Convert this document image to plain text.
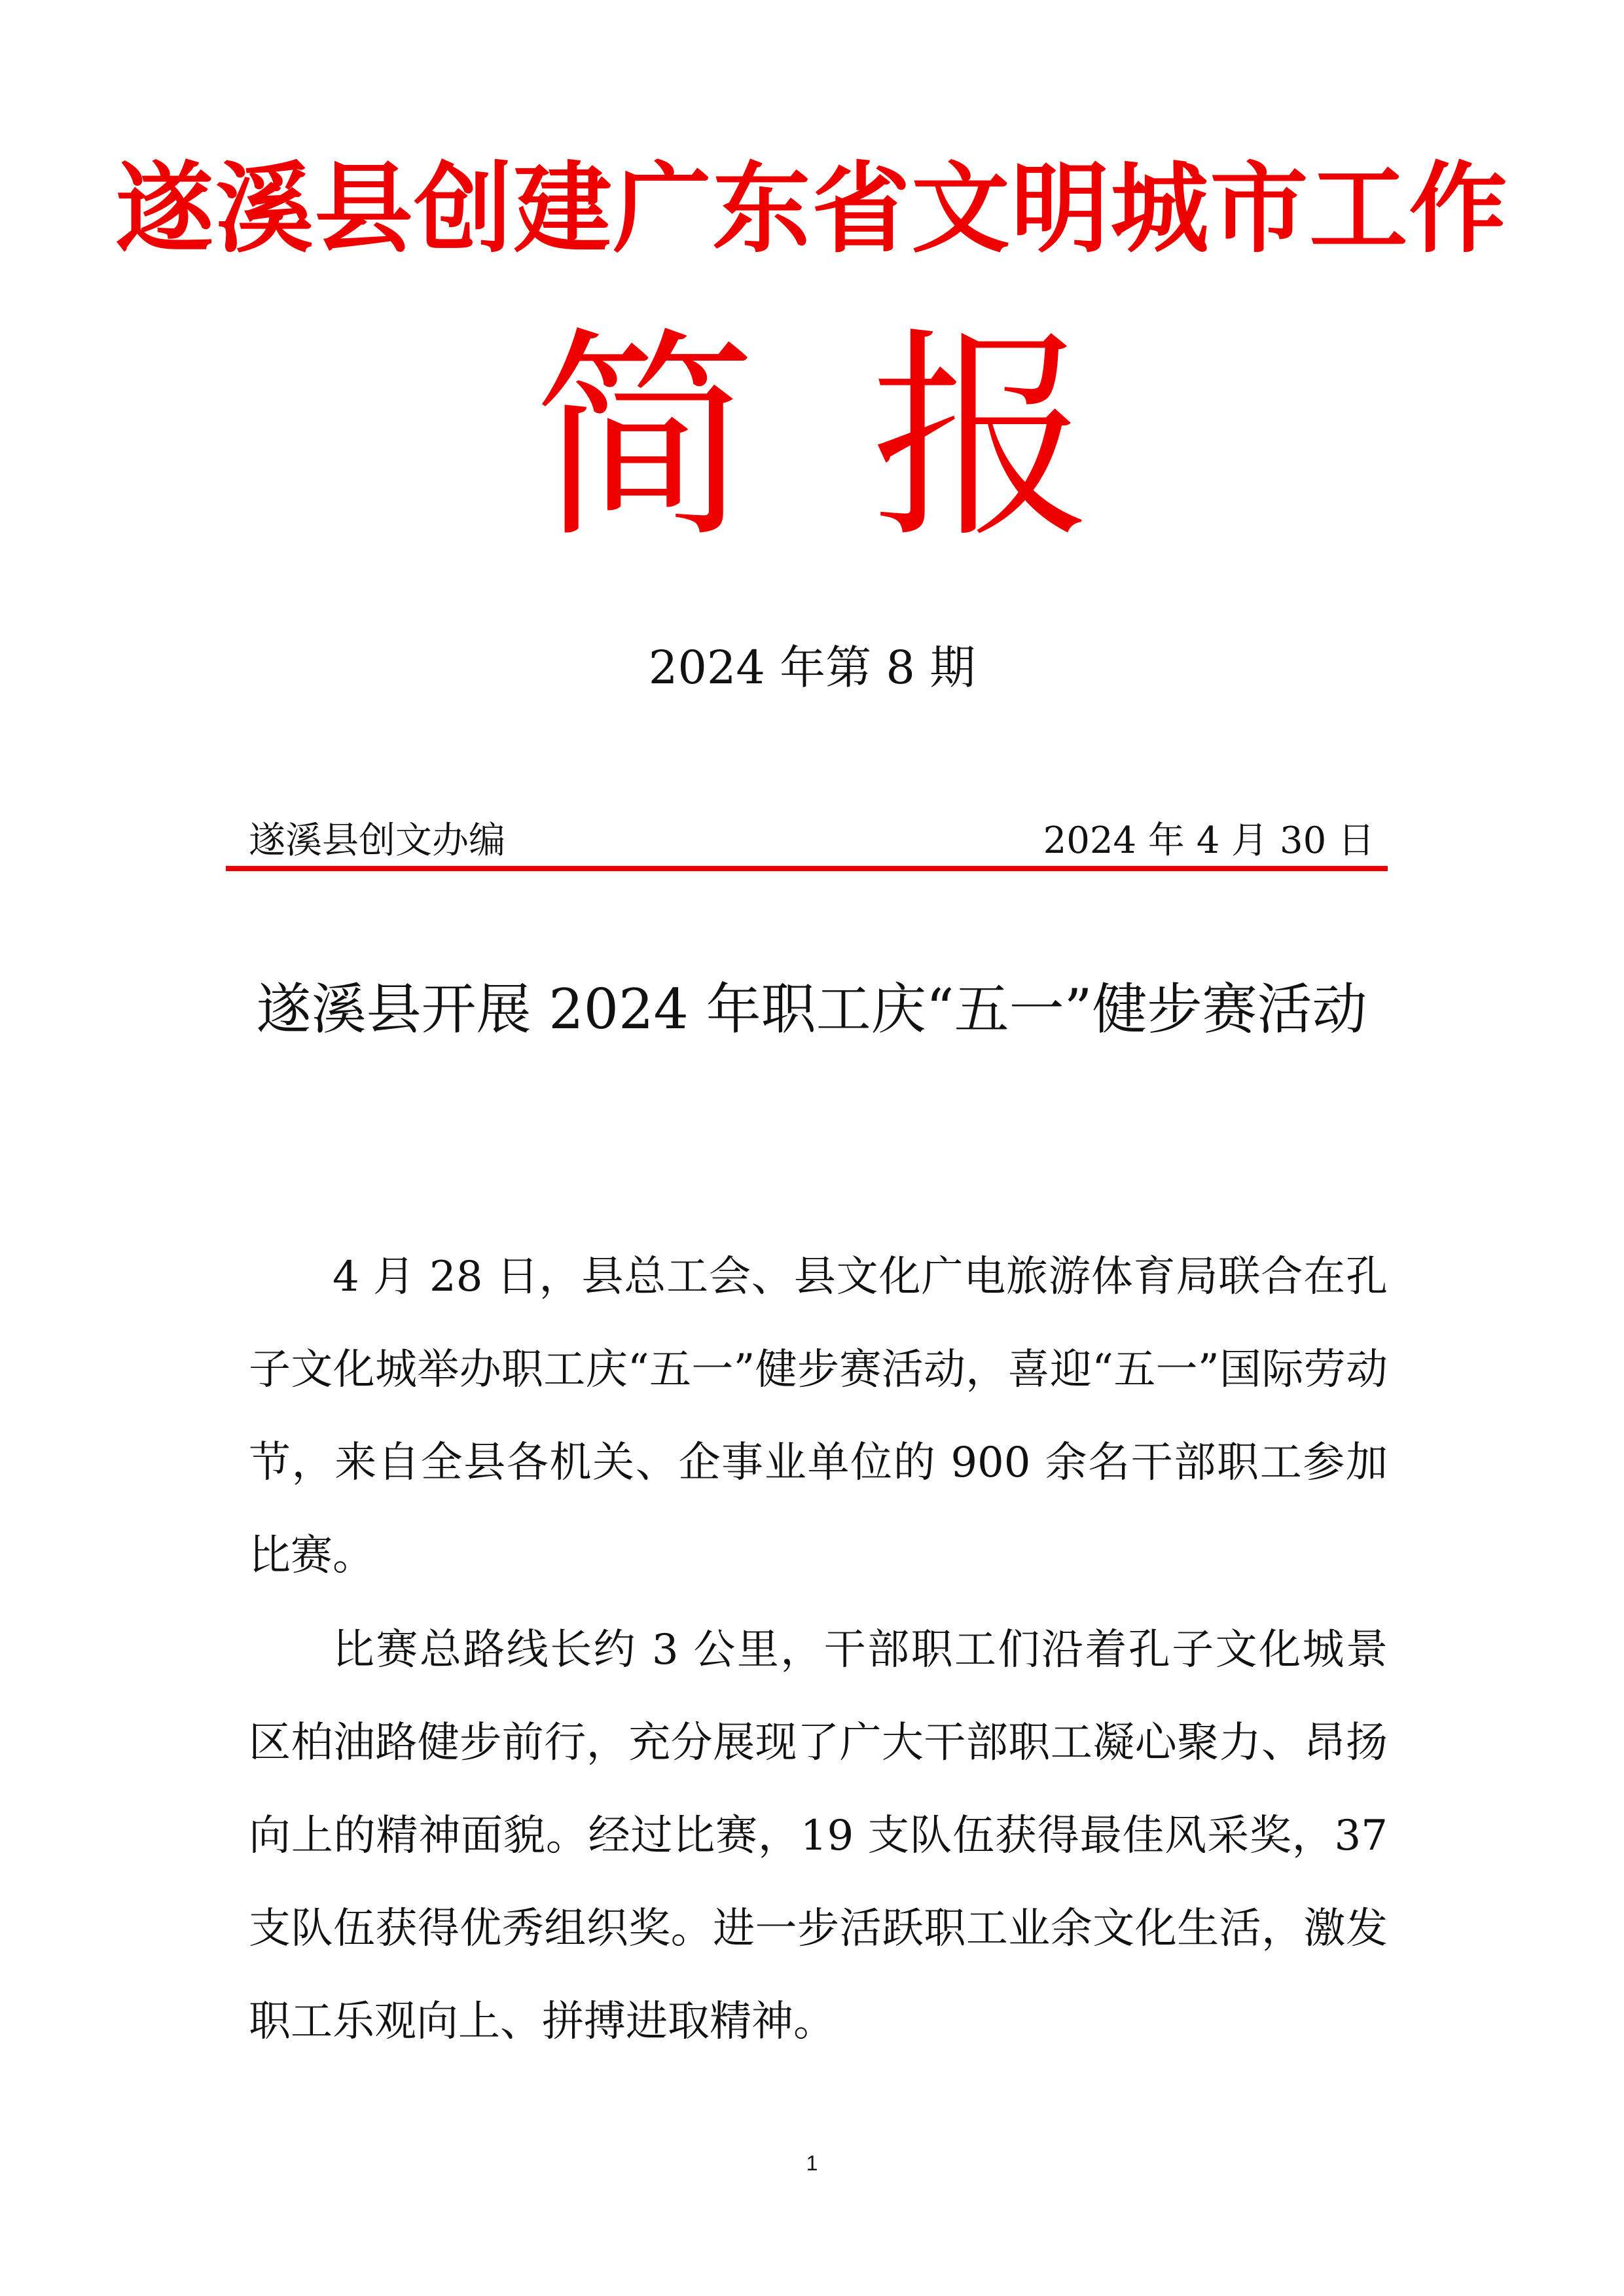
遂溪县创建广东省文明城市工作
简 报
2024 年第 8 期
遂溪县创文办编	2024 年 4 月 30 日
遂溪县开展 2024 年职工庆“五一”健步赛活动

4 月 28 日，县总工会、县文化广电旅游体育局联合在孔子文化城举办职工庆“五一”健步赛活动，喜迎“五一”国际劳动节，来自全县各机关、企事业单位的 900 余名干部职工参加比赛。

比赛总路线长约 3 公里，干部职工们沿着孔子文化城景区柏油路健步前行，充分展现了广大干部职工凝心聚力、昂扬向上的精神面貌。经过比赛，19 支队伍获得最佳风采奖，37 支队伍获得优秀组织奖。进一步活跃职工业余文化生活，激发职工乐观向上、拼搏进取精神。

1
